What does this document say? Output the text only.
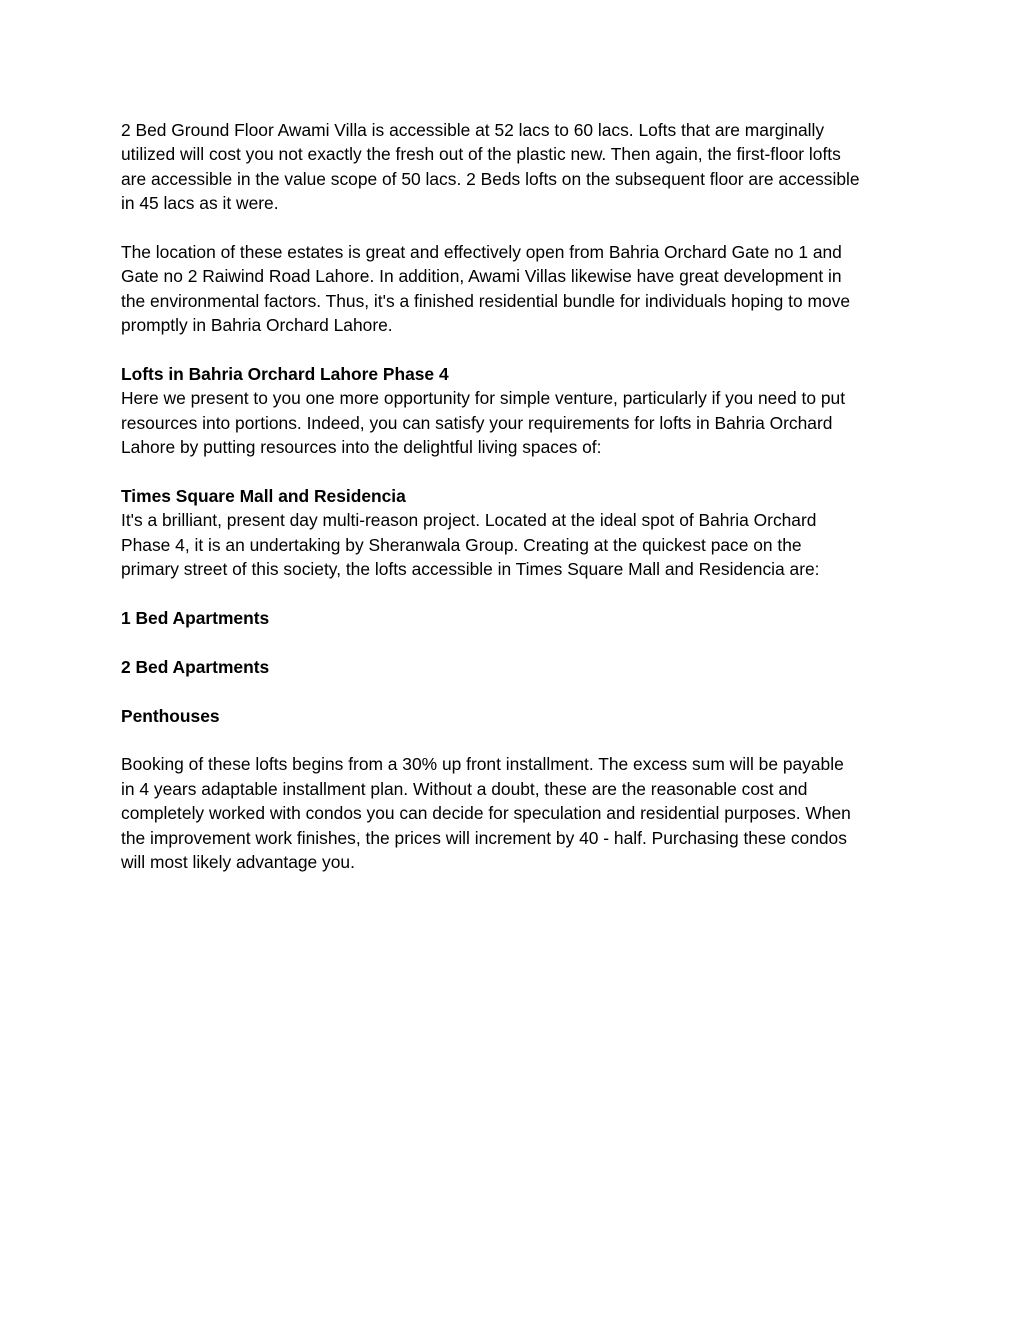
2 Bed Ground Floor Awami Villa is accessible at 52 lacs to 60 lacs. Lofts that are marginally
utilized will cost you not exactly the fresh out of the plastic new. Then again, the first-floor lofts
are accessible in the value scope of 50 lacs. 2 Beds lofts on the subsequent floor are accessible
in 45 lacs as it were.

The location of these estates is great and effectively open from Bahria Orchard Gate no 1 and
Gate no 2 Raiwind Road Lahore. In addition, Awami Villas likewise have great development in
the environmental factors. Thus, it's a finished residential bundle for individuals hoping to move
promptly in Bahria Orchard Lahore.

Lofts in Bahria Orchard Lahore Phase 4

Here we present to you one more opportunity for simple venture, particularly if you need to put
resources into portions. Indeed, you can satisfy your requirements for lofts in Bahria Orchard
Lahore by putting resources into the delightful living spaces of:

Times Square Mall and Residencia

It's a brilliant, present day multi-reason project. Located at the ideal spot of Bahria Orchard
Phase 4, it is an undertaking by Sheranwala Group. Creating at the quickest pace on the
primary street of this society, the lofts accessible in Times Square Mall and Residencia are:

1 Bed Apartments

2 Bed Apartments

Penthouses

Booking of these lofts begins from a 30% up front installment. The excess sum will be payable
in 4 years adaptable installment plan. Without a doubt, these are the reasonable cost and
completely worked with condos you can decide for speculation and residential purposes. When
the improvement work finishes, the prices will increment by 40 - half. Purchasing these condos
will most likely advantage you.
